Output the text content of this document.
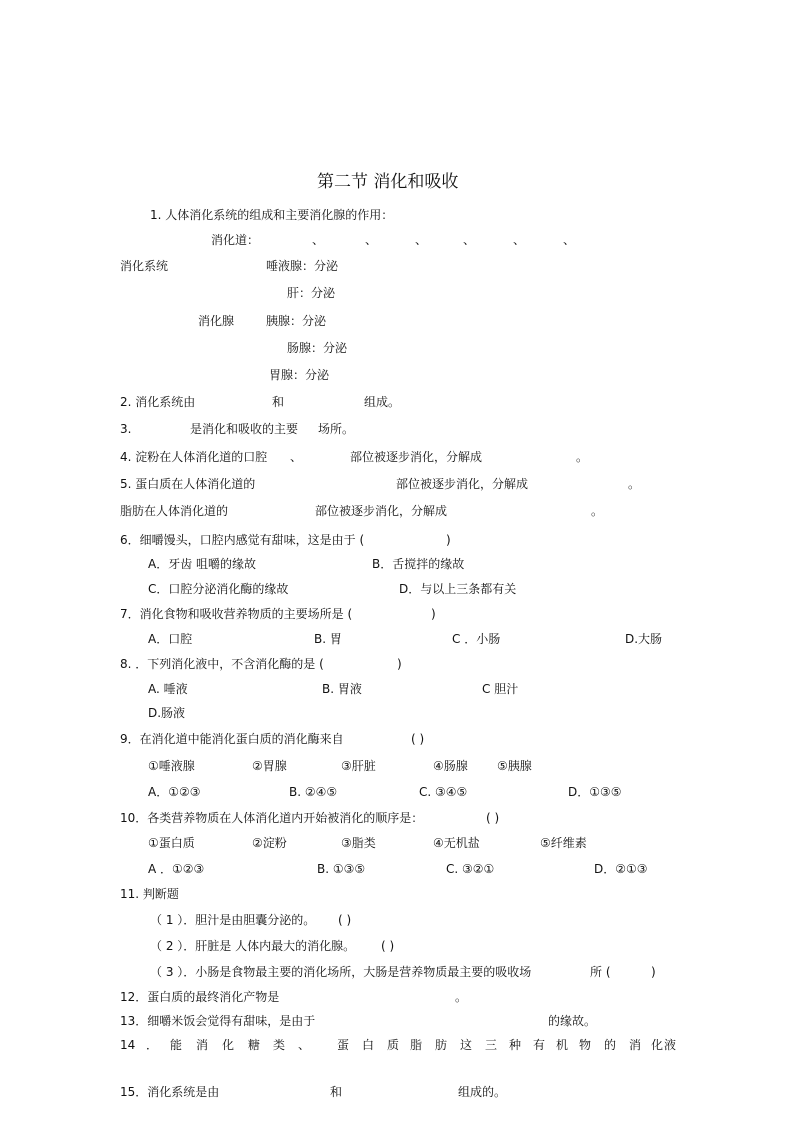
第二节 消化和吸收
1. 人体消化系统的组成和主要消化腺的作用：
消化道：	、	、	、	、	、	、
消化系统	唾液腺：分泌
肝：分泌
消化腺	胰腺：分泌
肠腺：分泌
胃腺：分泌
2. 消化系统由	和	组成。
3.	是消化和吸收的主要 场所。
4. 淀粉在人体消化道的口腔 、	部位被逐步消化，分解成	。
5. 蛋白质在人体消化道的	部位被逐步消化，分解成	。
脂肪在人体消化道的	部位被逐步消化，分解成	。
6．细嚼馒头，口腔内感觉有甜味，这是由于 (	)
A．牙齿 咀嚼的缘故	B．舌搅拌的缘故
C．口腔分泌消化酶的缘故	D．与以上三条都有关
7．消化食物和吸收营养物质的主要场所是 (	)
A．口腔	B. 胃	C ．小肠	D.大肠
8. ．下列消化液中，不含消化酶的是 (	)
A. 唾液	B. 胃液	C 胆汁
D.肠液
9．在消化道中能消化蛋白质的消化酶来自	( )
①唾液腺	②胃腺	③肝脏	④肠腺 ⑤胰腺
A．①②③	B. ②④⑤	C. ③④⑤	D．①③⑤
10．各类营养物质在人体消化道内开始被消化的顺序是：	( )
①蛋白质	②淀粉	③脂类	④无机盐	⑤纤维素
A ．①②③	B. ①③⑤	C. ③②①	D．②①③
11. 判断题
（ 1 ）．胆汁是由胆囊分泌的。 ( )
（ 2 ）．肝脏是 人体内最大的消化腺。 ( )
（ 3 ）．小肠是食物最主要的消化场所，大肠是营养物质最主要的吸收场	所 (	)
12．蛋白质的最终消化产物是	。
13．细嚼米饭会觉得有甜味，是由于	的缘故。
14 ． 能 消 化 糖 类 、 蛋 白 质 脂 肪 这 三 种 有 机 物 的 消 化 液
15．消化系统是由	和	组成的。
